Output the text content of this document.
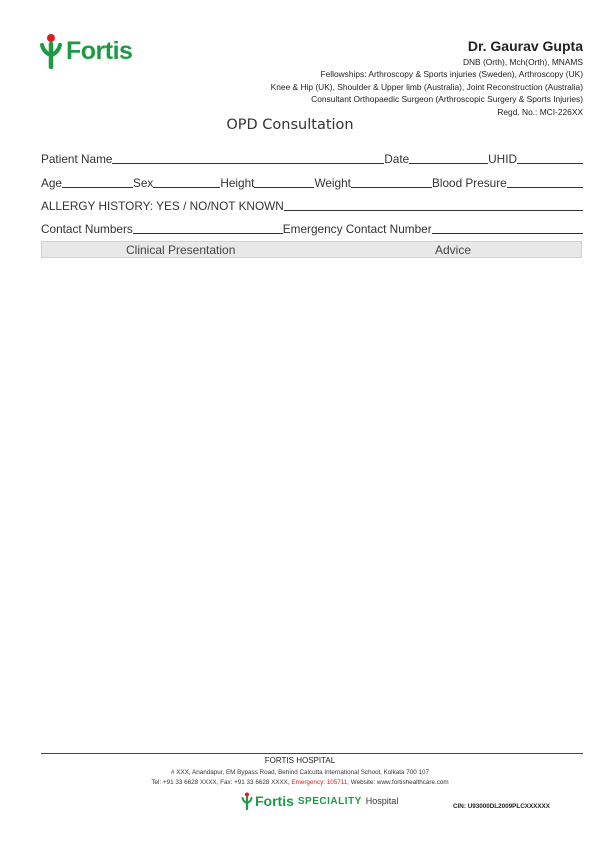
Fortis	Dr. Gaurav Gupta
DNB (Orth), Mch(Orth), MNAMS
Fellowships: Arthroscopy & Sports injuries (Sweden), Arthroscopy (UK)
Knee & Hip (UK), Shoulder & Upper limb (Australia), Joint Reconstruction (Australia)
Consultant Orthopaedic Surgeon (Arthroscopic Surgery & Sports Injuries)
Regd. No.: MCI-226XX
OPD Consultation
Patient Name	Date	UHID
Age	Sex	Height	Weight	Blood Presure
ALLERGY HISTORY: YES / NO/NOT KNOWN
Contact Numbers	Emergency Contact Number
Clinical Presentation	Advice
FORTIS HOSPITAL
# XXX, Anandapur, EM Bypass Road, Behind Calcutta International School, Kolkata 700 107
Tel: +91 33 6628 XXXX, Fax: +91 33 6628 XXXX, Emergency: 105711, Website: www.fortishealthcare.com
Fortis SPECIALITY Hospital
CIN: U93000DL2009PLCXXXXXX
